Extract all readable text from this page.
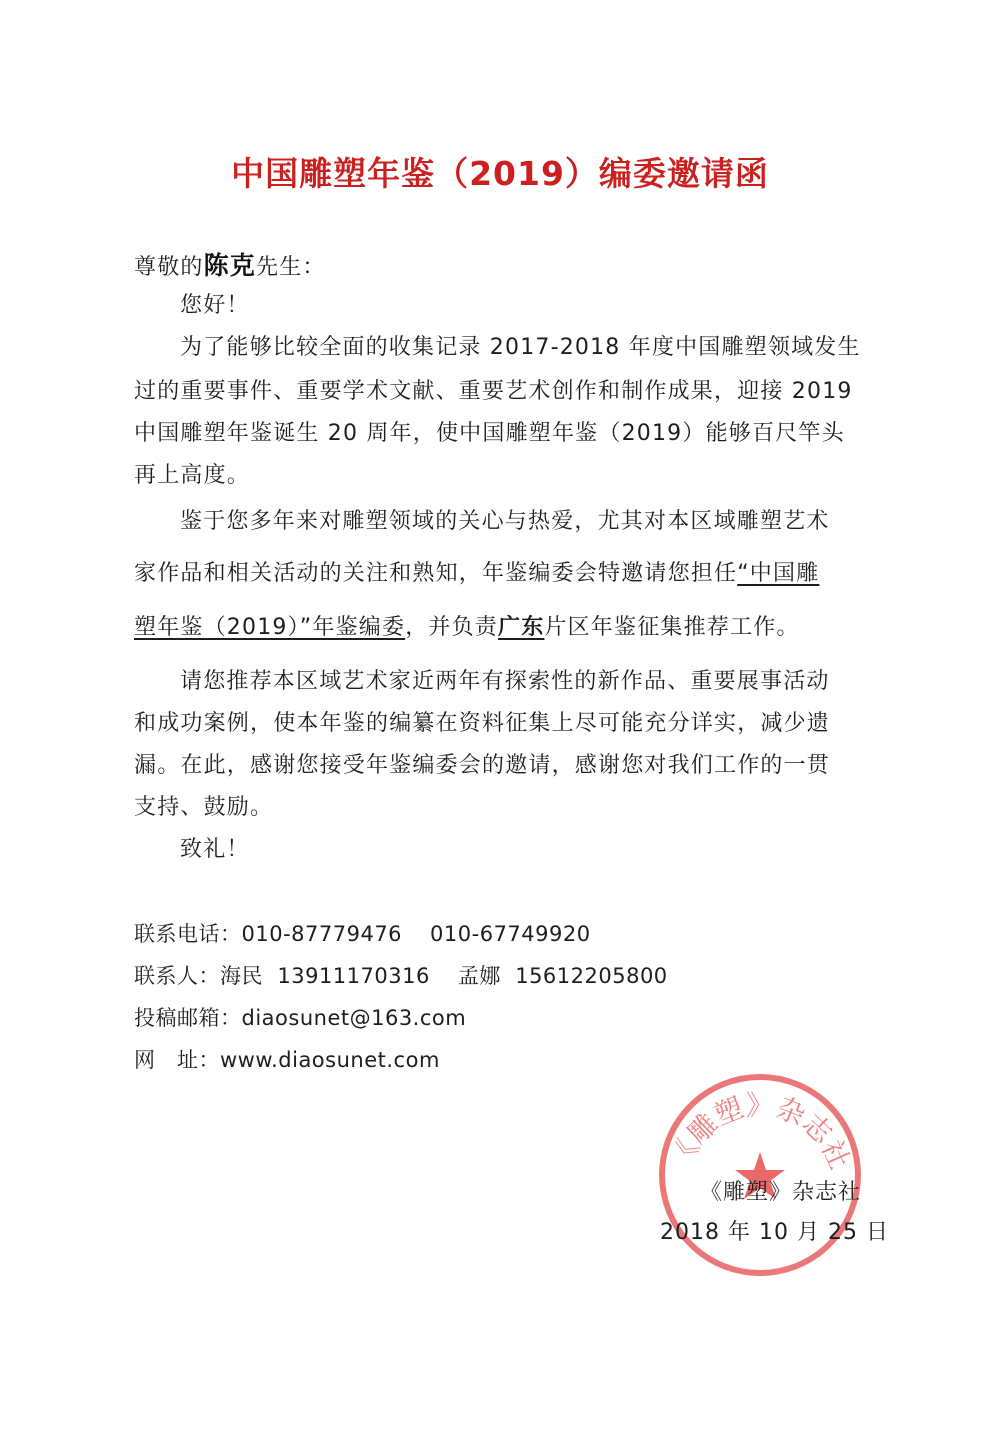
中国雕塑年鉴（2019）编委邀请函
尊敬的陈克先生：
您好！
为了能够比较全面的收集记录 2017-2018 年度中国雕塑领域发生
过的重要事件、重要学术文献、重要艺术创作和制作成果，迎接 2019
中国雕塑年鉴诞生 20 周年，使中国雕塑年鉴（2019）能够百尺竿头
再上高度。
鉴于您多年来对雕塑领域的关心与热爱，尤其对本区域雕塑艺术
家作品和相关活动的关注和熟知，年鉴编委会特邀请您担任“中国雕
塑年鉴（2019）”年鉴编委，并负责广东片区年鉴征集推荐工作。
请您推荐本区域艺术家近两年有探索性的新作品、重要展事活动
和成功案例，使本年鉴的编纂在资料征集上尽可能充分详实，减少遗
漏。在此，感谢您接受年鉴编委会的邀请，感谢您对我们工作的一贯
支持、鼓励。
致礼！
联系电话：010-87779476 010-67749920
联系人：海民 13911170316 孟娜 15612205800
投稿邮箱：diaosunet@163.com
网　址：www.diaosunet.com
《雕塑》杂志社
《雕塑》杂志社
2018 年 10 月 25 日
